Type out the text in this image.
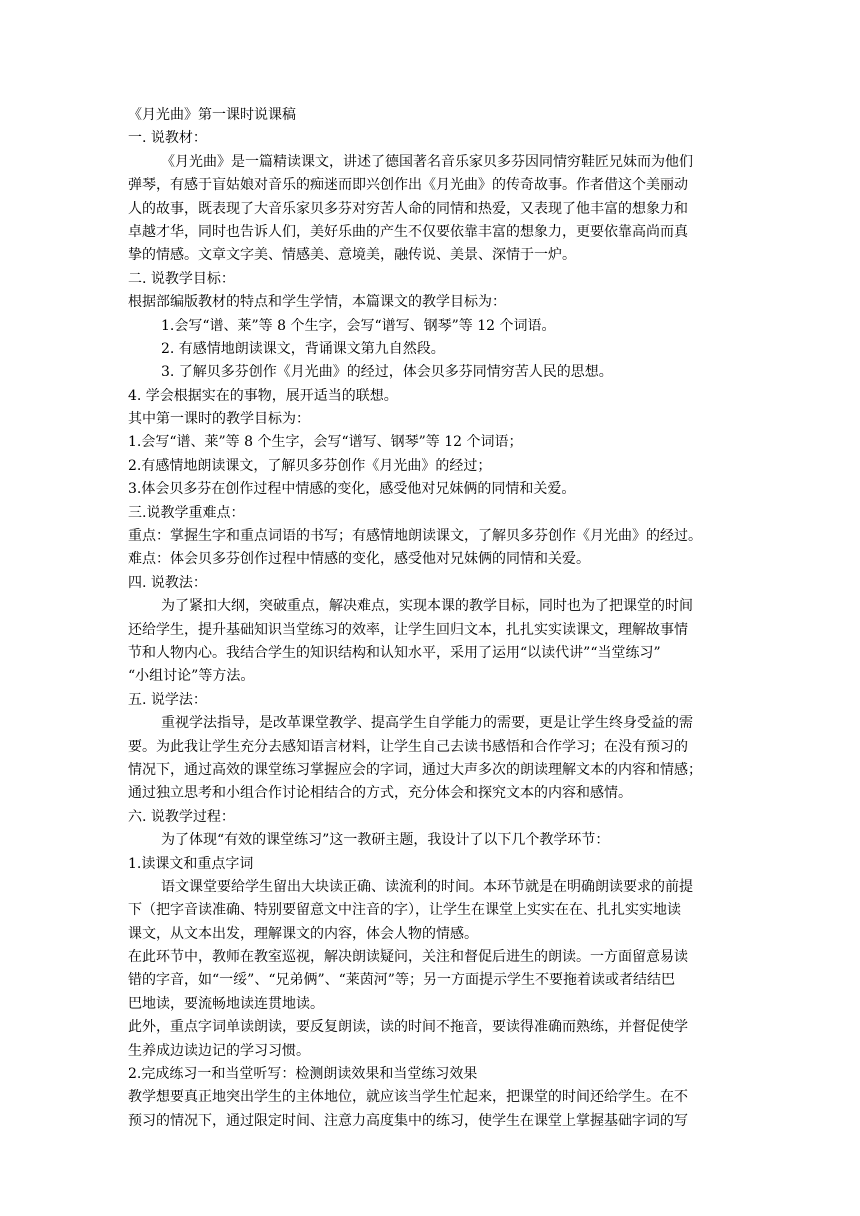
《月光曲》第一课时说课稿

一. 说教材：

《月光曲》是一篇精读课文，讲述了德国著名音乐家贝多芬因同情穷鞋匠兄妹而为他们

弹琴，有感于盲姑娘对音乐的痴迷而即兴创作出《月光曲》的传奇故事。作者借这个美丽动

人的故事，既表现了大音乐家贝多芬对穷苦人命的同情和热爱，又表现了他丰富的想象力和

卓越才华，同时也告诉人们，美好乐曲的产生不仅要依靠丰富的想象力，更要依靠高尚而真

挚的情感。文章文字美、情感美、意境美，融传说、美景、深情于一炉。

二. 说教学目标：

根据部编版教材的特点和学生学情，本篇课文的教学目标为：

1.会写“谱、莱”等 8 个生字，会写“谱写、钢琴”等 12 个词语。

2. 有感情地朗读课文，背诵课文第九自然段。

3. 了解贝多芬创作《月光曲》的经过，体会贝多芬同情穷苦人民的思想。

4. 学会根据实在的事物，展开适当的联想。

其中第一课时的教学目标为：

1.会写“谱、莱”等 8 个生字，会写“谱写、钢琴”等 12 个词语；

2.有感情地朗读课文，了解贝多芬创作《月光曲》的经过；

3.体会贝多芬在创作过程中情感的变化，感受他对兄妹俩的同情和关爱。

三.说教学重难点：

重点：掌握生字和重点词语的书写；有感情地朗读课文，了解贝多芬创作《月光曲》的经过。

难点：体会贝多芬创作过程中情感的变化，感受他对兄妹俩的同情和关爱。

四. 说教法：

为了紧扣大纲，突破重点，解决难点，实现本课的教学目标，同时也为了把课堂的时间

还给学生，提升基础知识当堂练习的效率，让学生回归文本，扎扎实实读课文，理解故事情

节和人物内心。我结合学生的知识结构和认知水平，采用了运用“以读代讲”“当堂练习”

“小组讨论”等方法。

五. 说学法：

重视学法指导，是改革课堂教学、提高学生自学能力的需要，更是让学生终身受益的需

要。为此我让学生充分去感知语言材料，让学生自己去读书感悟和合作学习；在没有预习的

情况下，通过高效的课堂练习掌握应会的字词，通过大声多次的朗读理解文本的内容和情感；

通过独立思考和小组合作讨论相结合的方式，充分体会和探究文本的内容和感情。

六. 说教学过程：

为了体现“有效的课堂练习”这一教研主题，我设计了以下几个教学环节：

1.读课文和重点字词

语文课堂要给学生留出大块读正确、读流利的时间。本环节就是在明确朗读要求的前提

下（把字音读准确、特别要留意文中注音的字），让学生在课堂上实实在在、扎扎实实地读

课文，从文本出发，理解课文的内容，体会人物的情感。

在此环节中，教师在教室巡视，解决朗读疑问，关注和督促后进生的朗读。一方面留意易读

错的字音，如“一绥”、“兄弟俩”、“莱茵河”等；另一方面提示学生不要拖着读或者结结巴

巴地读，要流畅地读连贯地读。

此外，重点字词单读朗读，要反复朗读，读的时间不拖音，要读得准确而熟练，并督促使学

生养成边读边记的学习习惯。

2.完成练习一和当堂听写：检测朗读效果和当堂练习效果

教学想要真正地突出学生的主体地位，就应该当学生忙起来，把课堂的时间还给学生。在不

预习的情况下，通过限定时间、注意力高度集中的练习，使学生在课堂上掌握基础字词的写
